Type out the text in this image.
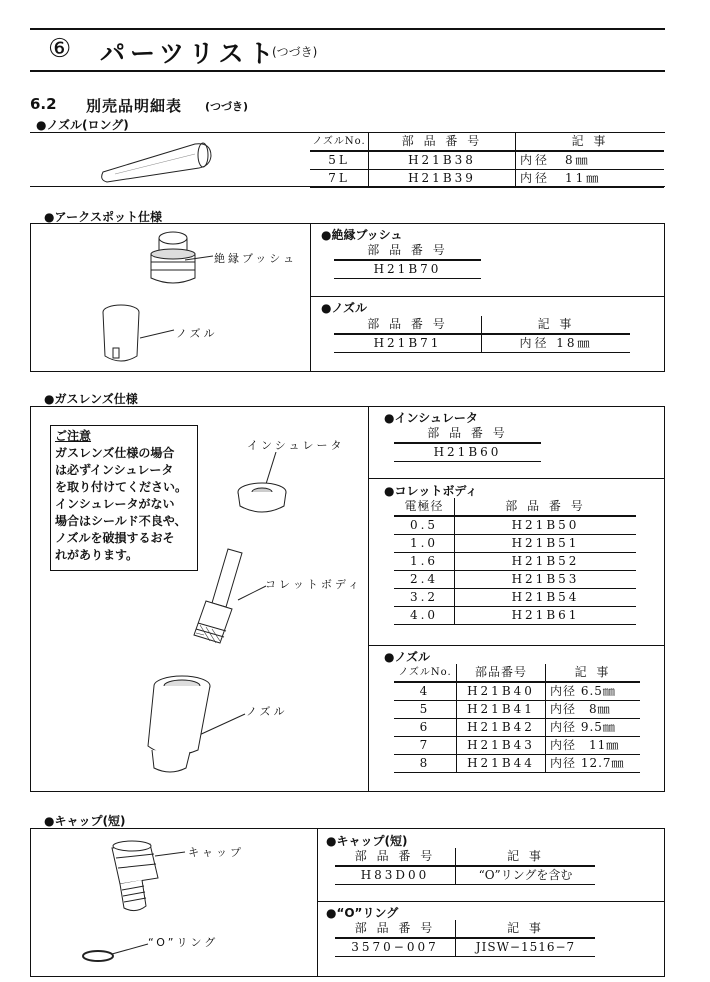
⑥ パーツリスト
(つづき)
6.2 別売品明細表 (つづき)
●ノズル(ロング)
ノズルNo.	部 品 番 号	記 事
5L	H21B38	内径　8㎜
7L	H21B39	内径　11㎜
●アークスポット仕様
絶縁ブッシュ
ノズル
●絶縁ブッシュ
部 品 番 号
H21B70
●ノズル
部 品 番 号	記 事
H21B71	内径 18㎜
●ガスレンズ仕様
ご注意
ガスレンズ仕様の場合
は必ずインシュレータ
を取り付けてください。
インシュレータがない
場合はシールド不良や、
ノズルを破損するおそ
れがあります。
インシュレータ
コレットボディ
ノズル
●インシュレータ
部 品 番 号
H21B60
●コレットボディ
電極径	部 品 番 号
0.5	H21B50
1.0	H21B51
1.6	H21B52
2.4	H21B53
3.2	H21B54
4.0	H21B61
●ノズル
ノズルNo.	部品番号	記 事
4	H21B40	内径 6.5㎜
5	H21B41	内径　8㎜
6	H21B42	内径 9.5㎜
7	H21B43	内径　11㎜
8	H21B44	内径 12.7㎜
●キャップ(短)
キャップ
“O”リング
●キャップ(短)
部 品 番 号	記 事
H83D00	“O”リングを含む
●“O”リング
部 品 番 号	記 事
3570−007	JISW−1516−7
